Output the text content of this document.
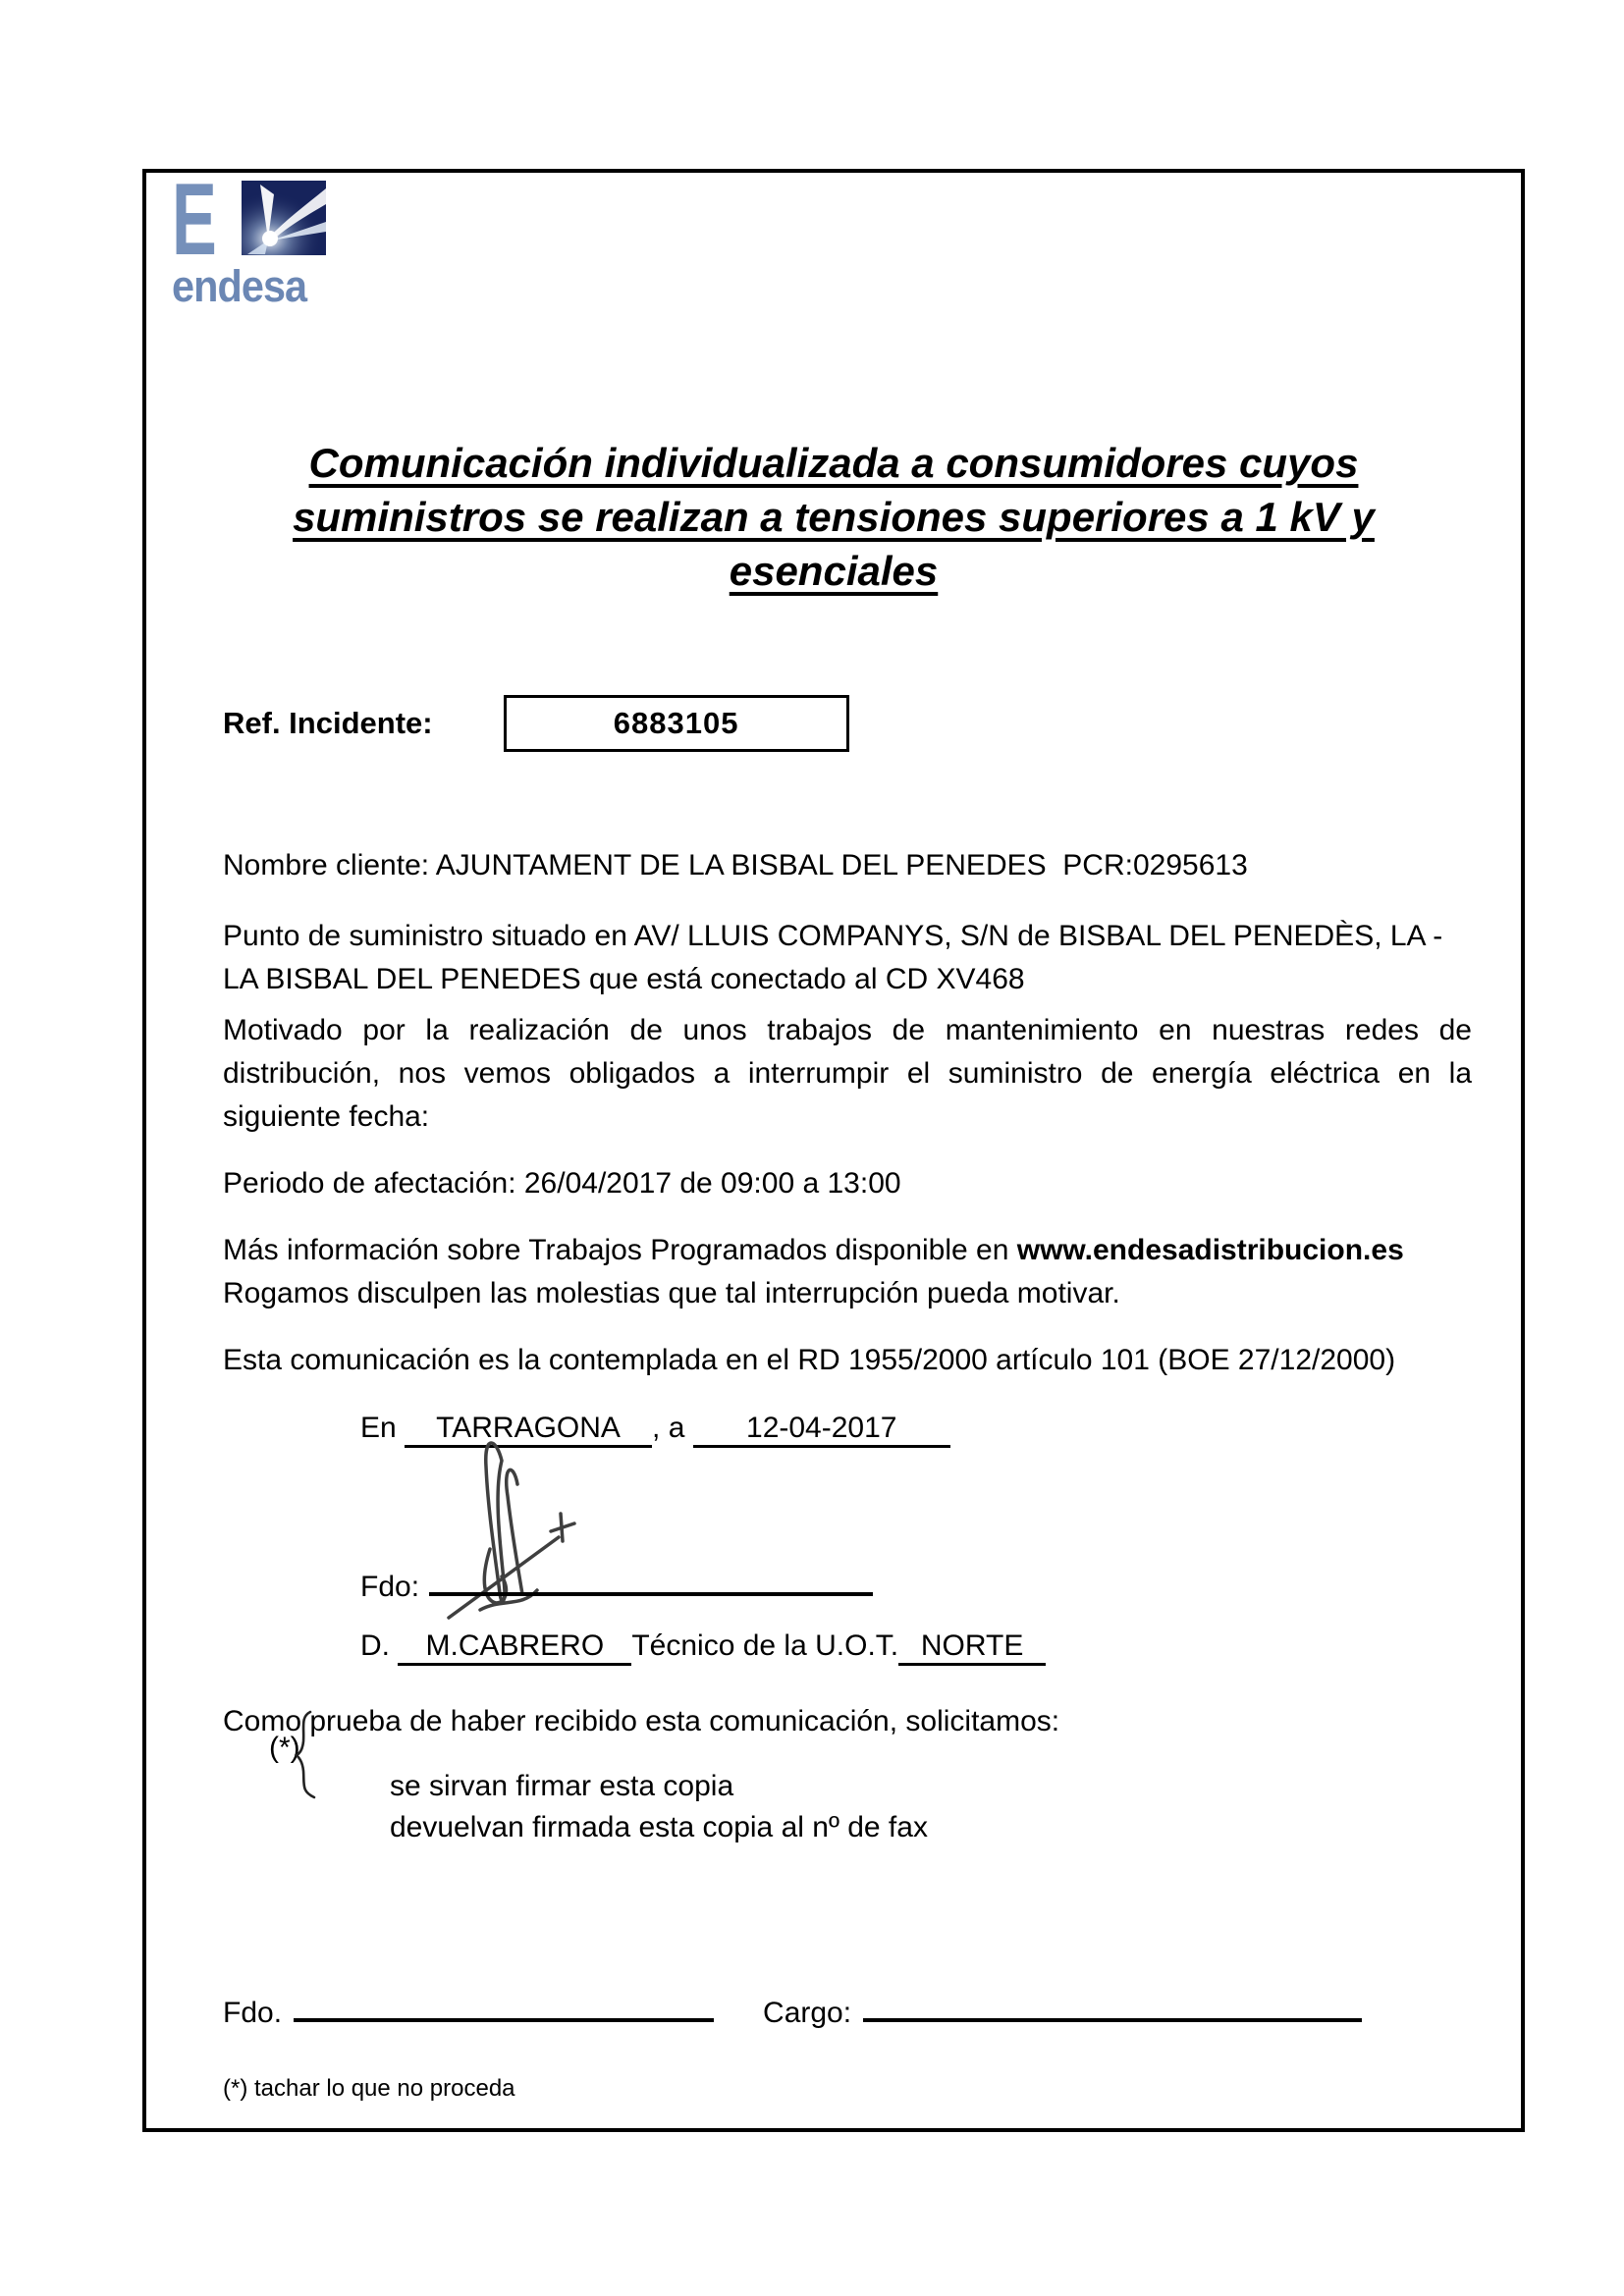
E
endesa
Comunicación individualizada a consumidores cuyos
suministros se realizan a tensiones superiores a 1 kV y
esenciales
Ref. Incidente:	6883105
Nombre cliente: AJUNTAMENT DE LA BISBAL DEL PENEDES  PCR:0295613
Punto de suministro situado en AV/ LLUIS COMPANYS, S/N de BISBAL DEL PENEDÈS, LA - LA BISBAL DEL PENEDES que está conectado al CD XV468
Motivado por la realización de unos trabajos de mantenimiento en nuestras redes de distribución, nos vemos obligados a interrumpir el suministro de energía eléctrica en la siguiente fecha:
Periodo de afectación: 26/04/2017 de 09:00 a 13:00
Más información sobre Trabajos Programados disponible en www.endesadistribucion.es
Rogamos disculpen las molestias que tal interrupción pueda motivar.
Esta comunicación es la contemplada en el RD 1955/2000 artículo 101 (BOE 27/12/2000)
En TARRAGONA , a 12-04-2017
Fdo:
D. M.CABRERO Técnico de la U.O.T. NORTE
Como prueba de haber recibido esta comunicación, solicitamos:
(*)
se sirvan firmar esta copia
devuelvan firmada esta copia al nº de fax
Fdo.	Cargo:
(*) tachar lo que no proceda
